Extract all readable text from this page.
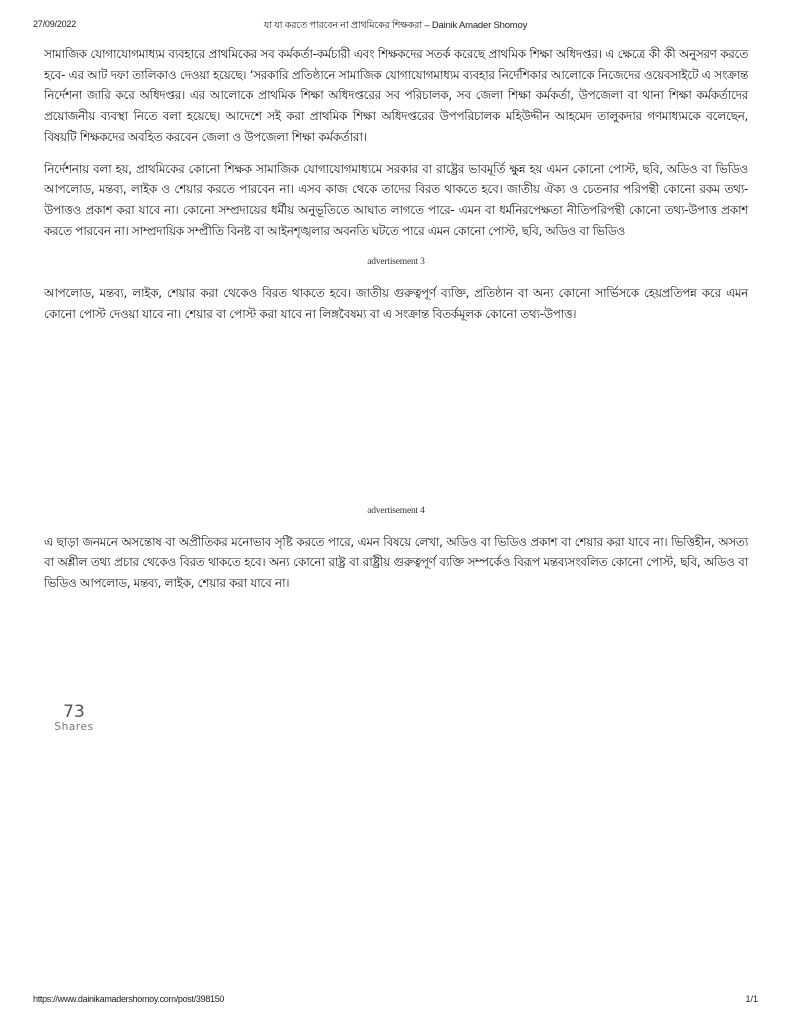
27/09/2022	যা যা করতে পারবেন না প্রাথমিকের শিক্ষকরা – Dainik Amader Shomoy

সামাজিক যোগাযোগমাধ্যম ব্যবহারে প্রাথমিকের সব কর্মকর্তা-কর্মচারী এবং শিক্ষকদের সতর্ক করেছে প্রাথমিক শিক্ষা অধিদপ্তর। এ ক্ষেত্রে কী কী অনুসরণ করতে হবে- এর আট দফা তালিকাও দেওয়া হয়েছে। ‘সরকারি প্রতিষ্ঠানে সামাজিক যোগাযোগমাধ্যম ব্যবহার নির্দেশিকার আলোকে নিজেদের ওয়েবসাইটে এ সংক্রান্ত নির্দেশনা জারি করে অধিদপ্তর। এর আলোকে প্রাথমিক শিক্ষা অধিদপ্তরের সব পরিচালক, সব জেলা শিক্ষা কর্মকর্তা, উপজেলা বা থানা শিক্ষা কর্মকর্তাদের প্রয়োজনীয় ব্যবস্থা নিতে বলা হয়েছে। আদেশে সই করা প্রাথমিক শিক্ষা অধিদপ্তরের উপপরিচালক মহিউদ্দীন আহমেদ তালুকদার গণমাধ্যমকে বলেছেন, বিষয়টি শিক্ষকদের অবহিত করবেন জেলা ও উপজেলা শিক্ষা কর্মকর্তারা।

নির্দেশনায় বলা হয়, প্রাথমিকের কোনো শিক্ষক সামাজিক যোগাযোগমাধ্যমে সরকার বা রাষ্ট্রের ভাবমূর্তি ক্ষুন্ন হয় এমন কোনো পোস্ট, ছবি, অডিও বা ভিডিও আপলোড, মন্তব্য, লাইক ও শেয়ার করতে পারবেন না। এসব কাজ থেকে তাদের বিরত থাকতে হবে। জাতীয় ঐক্য ও চেতনার পরিপন্থী কোনো রকম তথ্য-উপাত্তও প্রকাশ করা যাবে না। কোনো সম্প্রদায়ের ধর্মীয় অনুভূতিতে আঘাত লাগতে পারে- এমন বা ধর্মনিরপেক্ষতা নীতিপরিপন্থী কোনো তথ্য-উপাত্ত প্রকাশ করতে পারবেন না। সাম্প্রদায়িক সম্প্রীতি বিনষ্ট বা আইনশৃঙ্খলার অবনতি ঘটতে পারে এমন কোনো পোস্ট, ছবি, অডিও বা ভিডিও

advertisement 3

আপলোড, মন্তব্য, লাইক, শেয়ার করা থেকেও বিরত থাকতে হবে। জাতীয় গুরুত্বপূর্ণ ব্যক্তি, প্রতিষ্ঠান বা অন্য কোনো সার্ভিসকে হেয়প্রতিপন্ন করে এমন কোনো পোস্ট দেওয়া যাবে না। শেয়ার বা পোস্ট করা যাবে না লিঙ্গবৈষম্য বা এ সংক্রান্ত বিতর্কমূলক কোনো তথ্য-উপাত্ত।

advertisement 4

এ ছাড়া জনমনে অসন্তোষ বা অপ্রীতিকর মনোভাব সৃষ্টি করতে পারে, এমন বিষয়ে লেখা, অডিও বা ভিডিও প্রকাশ বা শেয়ার করা যাবে না। ভিত্তিহীন, অসত্য বা অশ্লীল তথ্য প্রচার থেকেও বিরত থাকতে হবে। অন্য কোনো রাষ্ট্র বা রাষ্ট্রীয় গুরুত্বপূর্ণ ব্যক্তি সম্পর্কেও বিরূপ মন্তব্যসংবলিত কোনো পোস্ট, ছবি, অডিও বা ভিডিও আপলোড, মন্তব্য, লাইক, শেয়ার করা যাবে না।

73
Shares
https://www.dainikamadershomoy.com/post/398150	1/1
